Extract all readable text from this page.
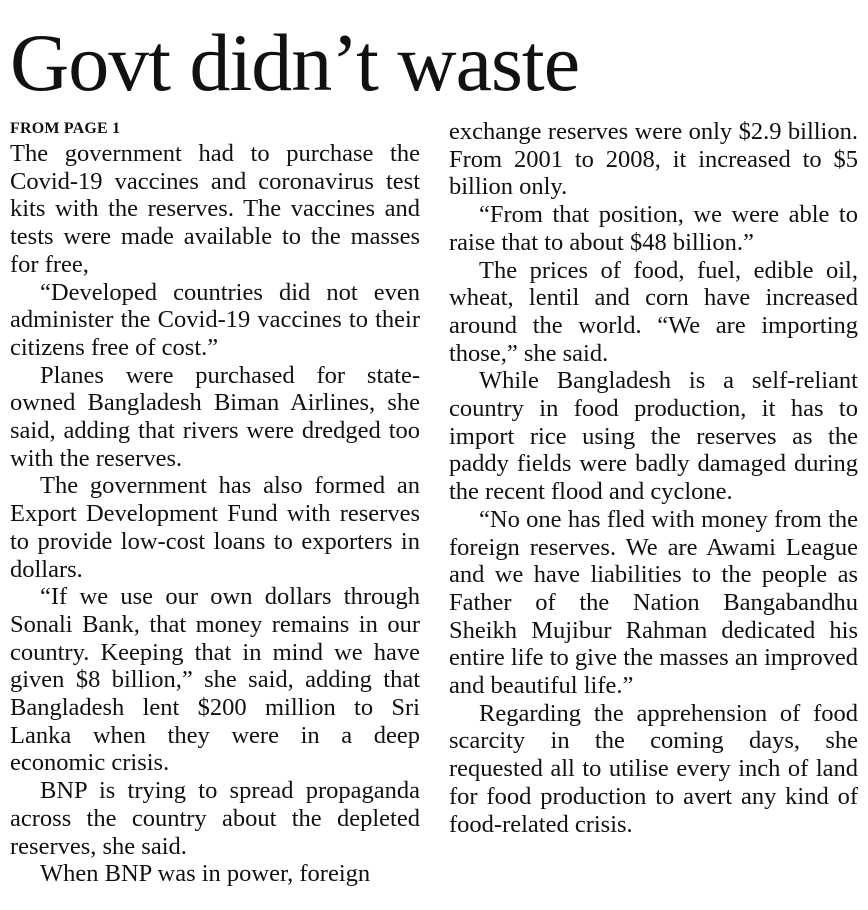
Govt didn’t waste
FROM PAGE 1

The government had to purchase the Covid-19 vaccines and coronavirus test kits with the reserves. The vaccines and tests were made available to the masses for free,

“Developed countries did not even administer the Covid-19 vaccines to their citizens free of cost.”

Planes were purchased for state-owned Bangladesh Biman Airlines, she said, adding that rivers were dredged too with the reserves.

The government has also formed an Export Development Fund with reserves to provide low-cost loans to exporters in dollars.

“If we use our own dollars through Sonali Bank, that money remains in our country. Keeping that in mind we have given $8 billion,” she said, adding that Bangladesh lent $200 million to Sri Lanka when they were in a deep economic crisis.

BNP is trying to spread propaganda across the country about the depleted reserves, she said.

When BNP was in power, foreign

exchange reserves were only $2.9 billion. From 2001 to 2008, it increased to $5 billion only.

“From that position, we were able to raise that to about $48 billion.”

The prices of food, fuel, edible oil, wheat, lentil and corn have increased around the world. “We are importing those,” she said.

While Bangladesh is a self-reliant country in food production, it has to import rice using the reserves as the paddy fields were badly damaged during the recent flood and cyclone.

“No one has fled with money from the foreign reserves. We are Awami League and we have liabilities to the people as Father of the Nation Bangabandhu Sheikh Mujibur Rahman dedicated his entire life to give the masses an improved and beautiful life.”

Regarding the apprehension of food scarcity in the coming days, she requested all to utilise every inch of land for food production to avert any kind of food-related crisis.
